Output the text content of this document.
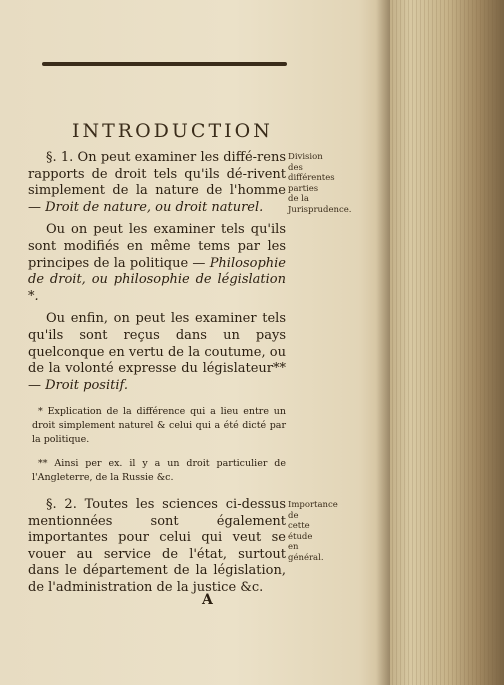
INTRODUCTION

§. 1. On peut examiner les diffé-rens rapports de droit tels qu'ils dé-rivent simplement de la nature de l'homme — Droit de nature, ou droit naturel.

Ou on peut les examiner tels qu'ils sont modifiés en même tems par les principes de la politique — Philosophie de droit, ou philosophie de législation *.

Ou enfin, on peut les examiner tels qu'ils sont reçus dans un pays quelconque en vertu de la coutume, ou de la volonté expresse du législateur** — Droit positif.

* Explication de la différence qui a lieu entre un droit simplement naturel & celui qui a été dicté par la politique.

** Ainsi per ex. il y a un droit particulier de l'Angleterre, de la Russie &c.

§. 2. Toutes les sciences ci-dessus mentionnées sont également importantes pour celui qui veut se vouer au service de l'état, surtout dans le département de la législation, de l'administration de la justice &c.

Division des différentes parties de la Jurisprudence.
Importance de cette étude en général.
A
